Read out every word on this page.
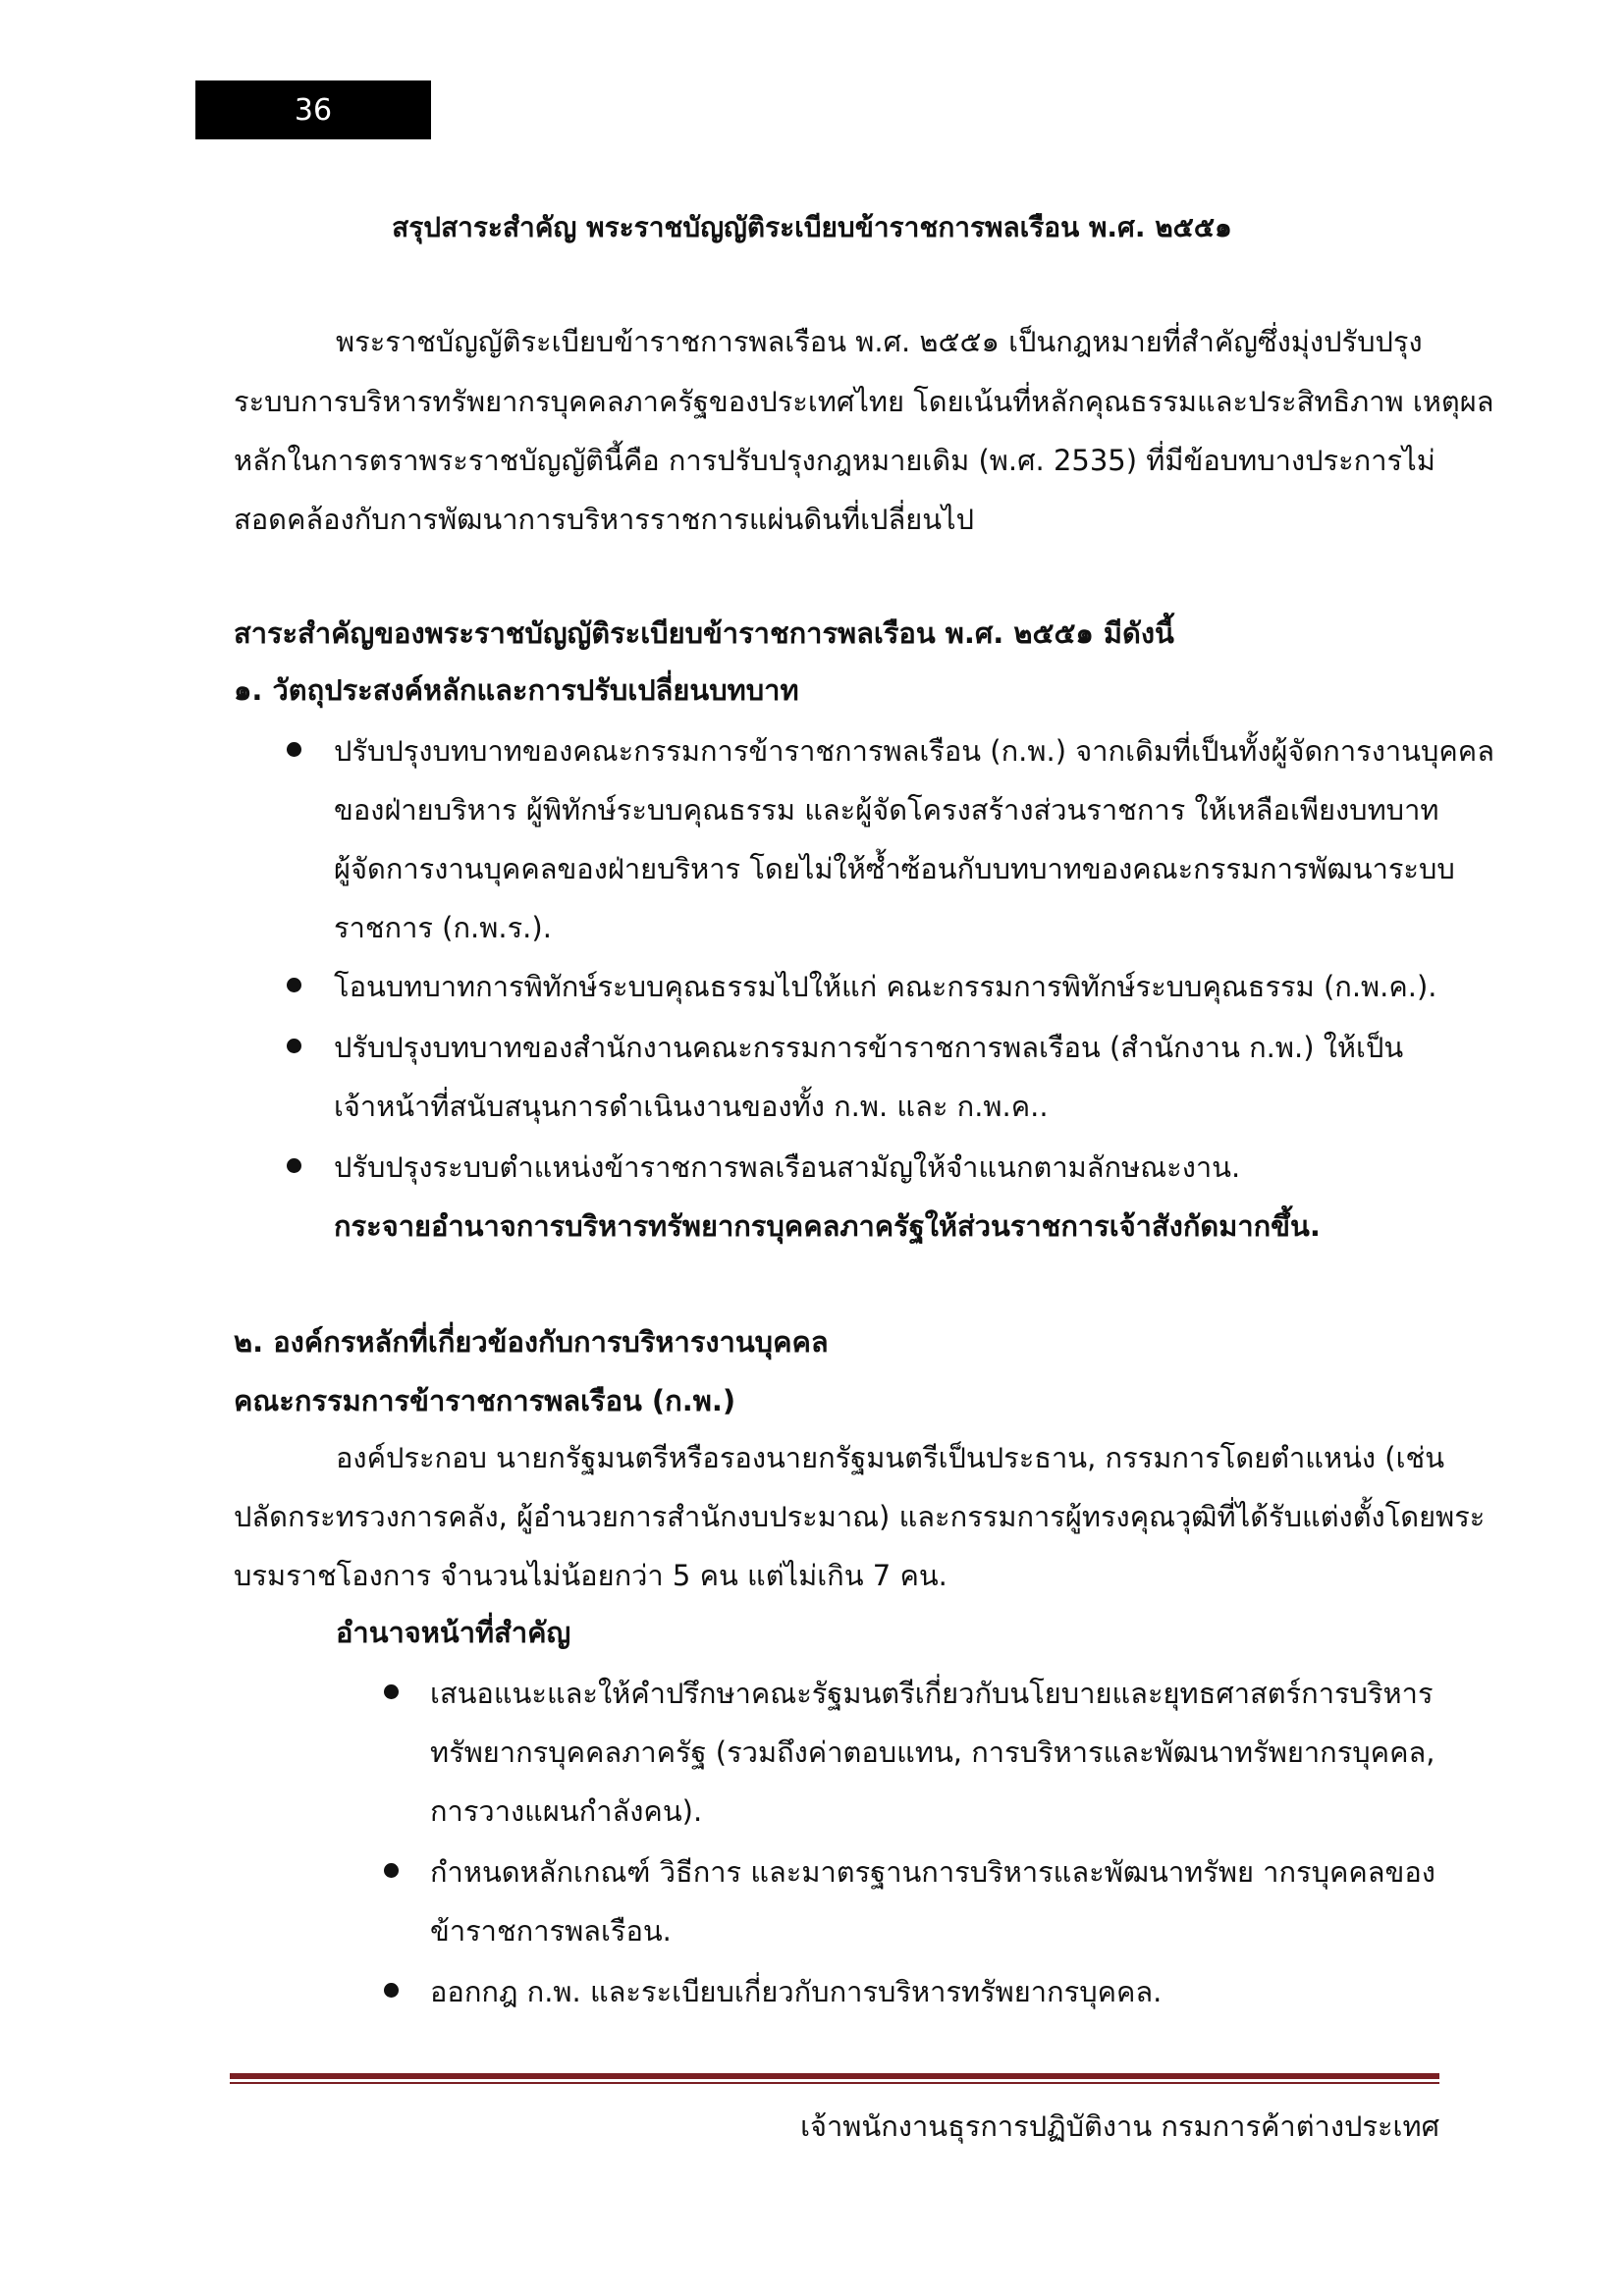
36
สรุปสาระสำคัญ พระราชบัญญัติระเบียบข้าราชการพลเรือน พ.ศ. ๒๕๕๑
พระราชบัญญัติระเบียบข้าราชการพลเรือน พ.ศ. ๒๕๕๑ เป็นกฎหมายที่สำคัญซึ่งมุ่งปรับปรุง
ระบบการบริหารทรัพยากรบุคคลภาครัฐของประเทศไทย โดยเน้นที่หลักคุณธรรมและประสิทธิภาพ เหตุผล
หลักในการตราพระราชบัญญัตินี้คือ การปรับปรุงกฎหมายเดิม (พ.ศ. 2535) ที่มีข้อบทบางประการไม่
สอดคล้องกับการพัฒนาการบริหารราชการแผ่นดินที่เปลี่ยนไป
สาระสำคัญของพระราชบัญญัติระเบียบข้าราชการพลเรือน พ.ศ. ๒๕๕๑ มีดังนี้
๑. วัตถุประสงค์หลักและการปรับเปลี่ยนบทบาท
ปรับปรุงบทบาทของคณะกรรมการข้าราชการพลเรือน (ก.พ.) จากเดิมที่เป็นทั้งผู้จัดการงานบุคคล
ของฝ่ายบริหาร ผู้พิทักษ์ระบบคุณธรรม และผู้จัดโครงสร้างส่วนราชการ ให้เหลือเพียงบทบาท
ผู้จัดการงานบุคคลของฝ่ายบริหาร โดยไม่ให้ซ้ำซ้อนกับบทบาทของคณะกรรมการพัฒนาระบบ
ราชการ (ก.พ.ร.).
โอนบทบาทการพิทักษ์ระบบคุณธรรมไปให้แก่ คณะกรรมการพิทักษ์ระบบคุณธรรม (ก.พ.ค.).
ปรับปรุงบทบาทของสำนักงานคณะกรรมการข้าราชการพลเรือน (สำนักงาน ก.พ.) ให้เป็น
เจ้าหน้าที่สนับสนุนการดำเนินงานของทั้ง ก.พ. และ ก.พ.ค..
ปรับปรุงระบบตำแหน่งข้าราชการพลเรือนสามัญให้จำแนกตามลักษณะงาน.
กระจายอำนาจการบริหารทรัพยากรบุคคลภาครัฐให้ส่วนราชการเจ้าสังกัดมากขึ้น.
๒. องค์กรหลักที่เกี่ยวข้องกับการบริหารงานบุคคล
คณะกรรมการข้าราชการพลเรือน (ก.พ.)
องค์ประกอบ นายกรัฐมนตรีหรือรองนายกรัฐมนตรีเป็นประธาน, กรรมการโดยตำแหน่ง (เช่น
ปลัดกระทรวงการคลัง, ผู้อำนวยการสำนักงบประมาณ) และกรรมการผู้ทรงคุณวุฒิที่ได้รับแต่งตั้งโดยพระ
บรมราชโองการ จำนวนไม่น้อยกว่า 5 คน แต่ไม่เกิน 7 คน.
อำนาจหน้าที่สำคัญ
เสนอแนะและให้คำปรึกษาคณะรัฐมนตรีเกี่ยวกับนโยบายและยุทธศาสตร์การบริหาร
ทรัพยากรบุคคลภาครัฐ (รวมถึงค่าตอบแทน, การบริหารและพัฒนาทรัพยากรบุคคล,
การวางแผนกำลังคน).
กำหนดหลักเกณฑ์ วิธีการ และมาตรฐานการบริหารและพัฒนาทรัพย ากรบุคคลของ
ข้าราชการพลเรือน.
ออกกฎ ก.พ. และระเบียบเกี่ยวกับการบริหารทรัพยากรบุคคล.
เจ้าพนักงานธุรการปฏิบัติงาน กรมการค้าต่างประเทศ
